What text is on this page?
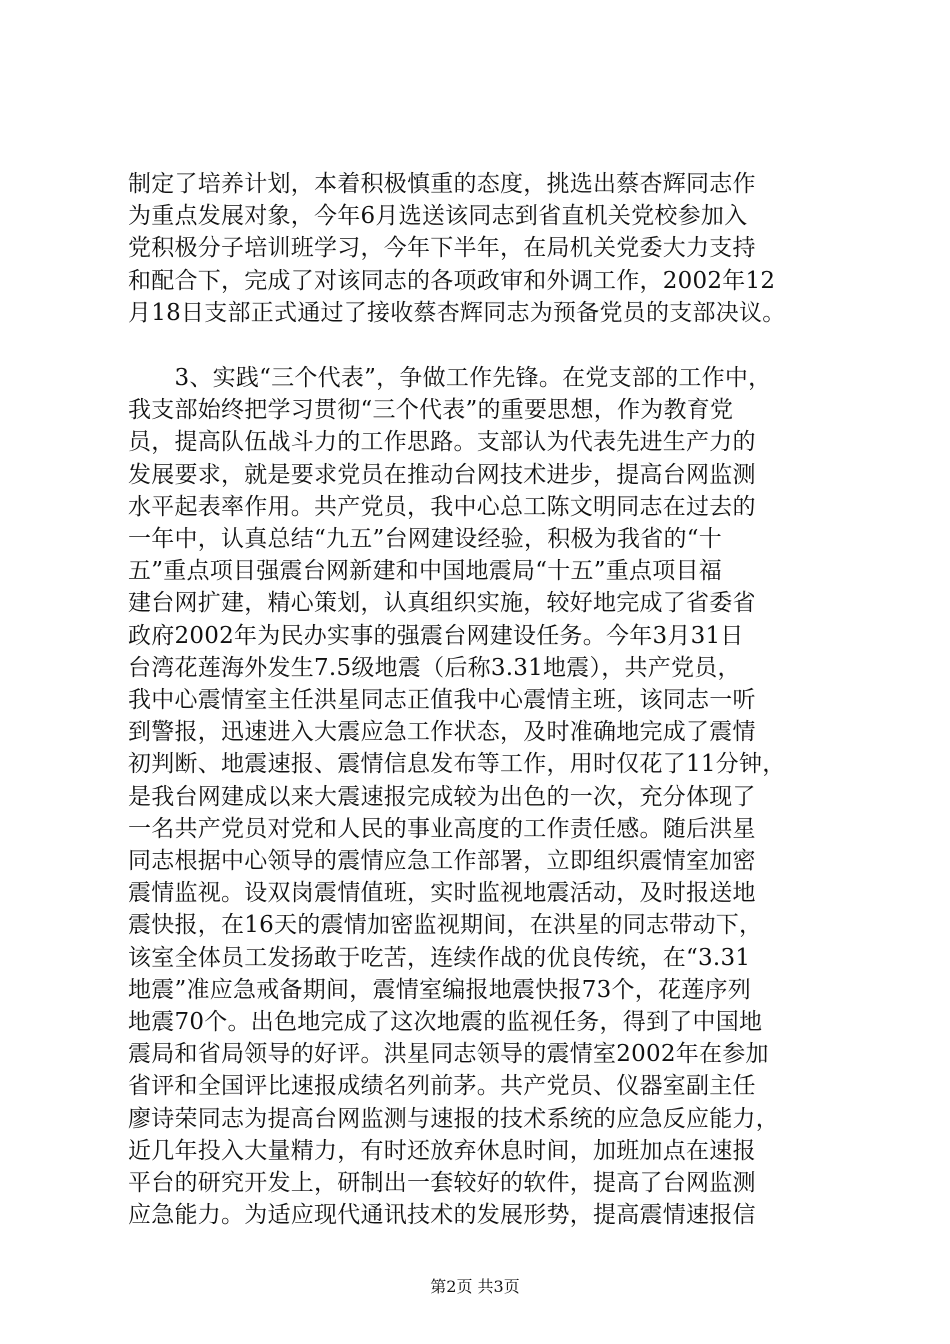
制定了培养计划，本着积极慎重的态度，挑选出蔡杏辉同志作
为重点发展对象，今年6月选送该同志到省直机关党校参加入
党积极分子培训班学习，今年下半年，在局机关党委大力支持
和配合下，完成了对该同志的各项政审和外调工作，2002年12
月18日支部正式通过了接收蔡杏辉同志为预备党员的支部决议。
　　3、实践“三个代表”，争做工作先锋。在党支部的工作中，
我支部始终把学习贯彻“三个代表”的重要思想，作为教育党
员，提高队伍战斗力的工作思路。支部认为代表先进生产力的
发展要求，就是要求党员在推动台网技术进步，提高台网监测
水平起表率作用。共产党员，我中心总工陈文明同志在过去的
一年中，认真总结“九五”台网建设经验，积极为我省的“十
五”重点项目强震台网新建和中国地震局“十五”重点项目福
建台网扩建，精心策划，认真组织实施，较好地完成了省委省
政府2002年为民办实事的强震台网建设任务。今年3月31日
台湾花莲海外发生7.5级地震（后称3.31地震），共产党员，
我中心震情室主任洪星同志正值我中心震情主班，该同志一听
到警报，迅速进入大震应急工作状态，及时准确地完成了震情
初判断、地震速报、震情信息发布等工作，用时仅花了11分钟，
是我台网建成以来大震速报完成较为出色的一次，充分体现了
一名共产党员对党和人民的事业高度的工作责任感。随后洪星
同志根据中心领导的震情应急工作部署，立即组织震情室加密
震情监视。设双岗震情值班，实时监视地震活动，及时报送地
震快报，在16天的震情加密监视期间，在洪星的同志带动下，
该室全体员工发扬敢于吃苦，连续作战的优良传统，在“3.31
地震”准应急戒备期间，震情室编报地震快报73个，花莲序列
地震70个。出色地完成了这次地震的监视任务，得到了中国地
震局和省局领导的好评。洪星同志领导的震情室2002年在参加
省评和全国评比速报成绩名列前茅。共产党员、仪器室副主任
廖诗荣同志为提高台网监测与速报的技术系统的应急反应能力，
近几年投入大量精力，有时还放弃休息时间，加班加点在速报
平台的研究开发上，研制出一套较好的软件，提高了台网监测
应急能力。为适应现代通讯技术的发展形势，提高震情速报信
第2页 共3页
